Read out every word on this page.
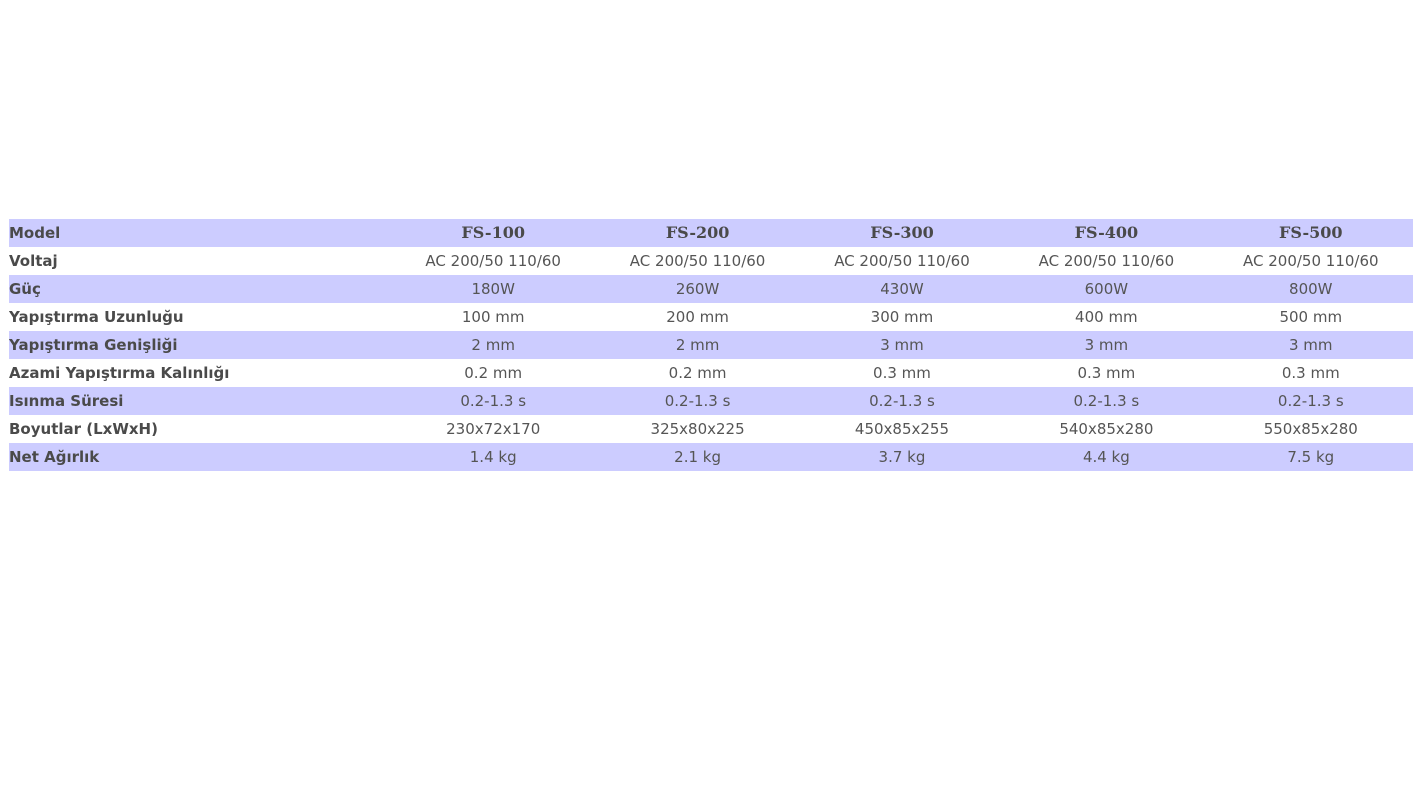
Model	FS-100	FS-200	FS-300	FS-400	FS-500
Voltaj	AC 200/50 110/60	AC 200/50 110/60	AC 200/50 110/60	AC 200/50 110/60	AC 200/50 110/60
Güç	180W	260W	430W	600W	800W
Yapıştırma Uzunluğu	100 mm	200 mm	300 mm	400 mm	500 mm
Yapıştırma Genişliği	2 mm	2 mm	3 mm	3 mm	3 mm
Azami Yapıştırma Kalınlığı	0.2 mm	0.2 mm	0.3 mm	0.3 mm	0.3 mm
Isınma Süresi	0.2-1.3 s	0.2-1.3 s	0.2-1.3 s	0.2-1.3 s	0.2-1.3 s
Boyutlar (LxWxH)	230x72x170	325x80x225	450x85x255	540x85x280	550x85x280
Net Ağırlık	1.4 kg	2.1 kg	3.7 kg	4.4 kg	7.5 kg
